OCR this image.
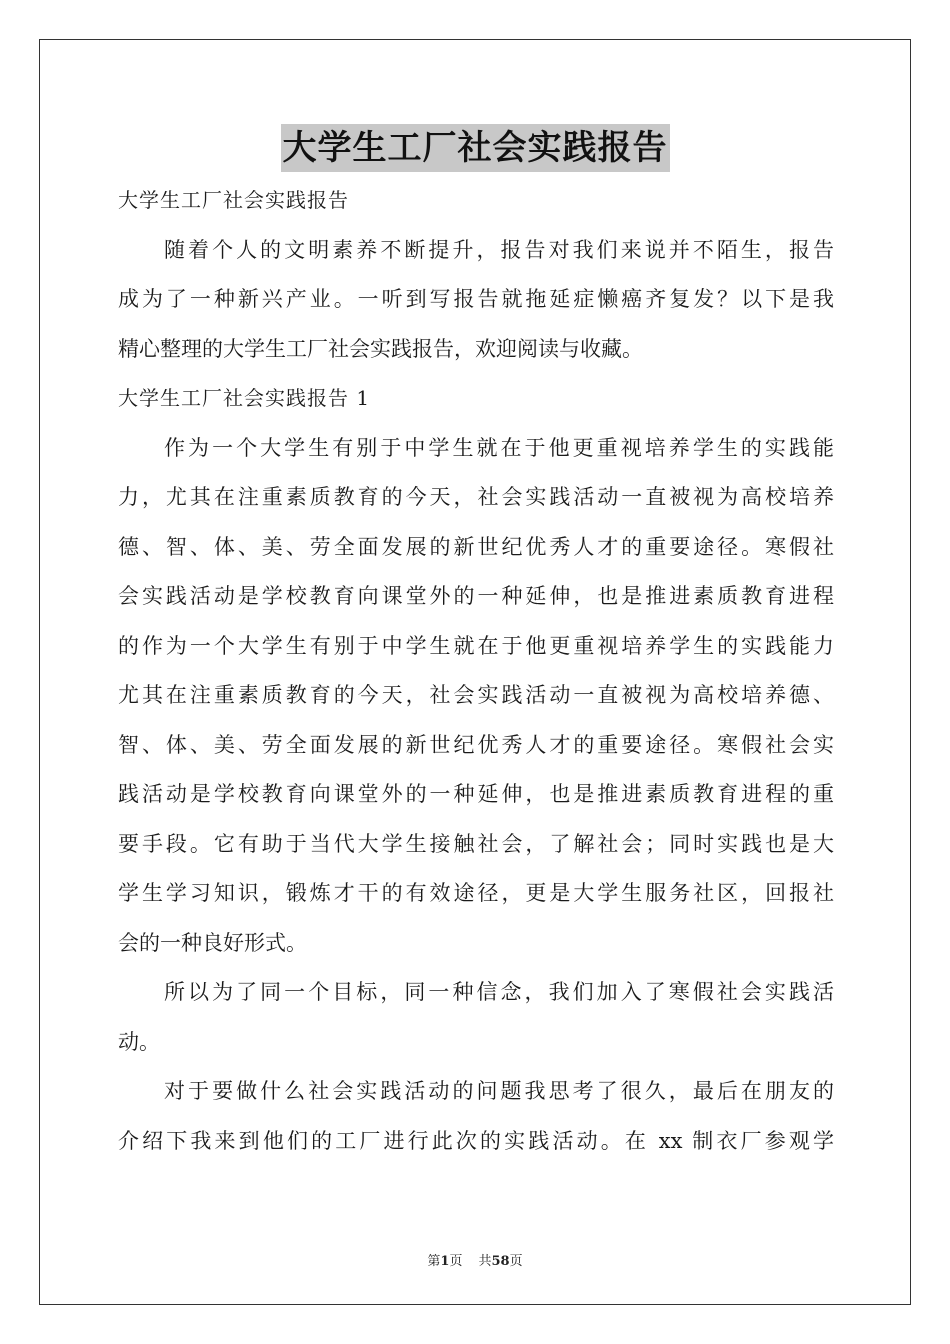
大学生工厂社会实践报告
大学生工厂社会实践报告
随着个人的文明素养不断提升，报告对我们来说并不陌生，报告
成为了一种新兴产业。一听到写报告就拖延症懒癌齐复发？以下是我
精心整理的大学生工厂社会实践报告，欢迎阅读与收藏。
大学生工厂社会实践报告 1
作为一个大学生有别于中学生就在于他更重视培养学生的实践能
力，尤其在注重素质教育的今天，社会实践活动一直被视为高校培养
德、智、体、美、劳全面发展的新世纪优秀人才的重要途径。寒假社
会实践活动是学校教育向课堂外的一种延伸，也是推进素质教育进程
的作为一个大学生有别于中学生就在于他更重视培养学生的实践能力
尤其在注重素质教育的今天，社会实践活动一直被视为高校培养德、
智、体、美、劳全面发展的新世纪优秀人才的重要途径。寒假社会实
践活动是学校教育向课堂外的一种延伸，也是推进素质教育进程的重
要手段。它有助于当代大学生接触社会，了解社会；同时实践也是大
学生学习知识，锻炼才干的有效途径，更是大学生服务社区，回报社
会的一种良好形式。
所以为了同一个目标，同一种信念，我们加入了寒假社会实践活
动。
对于要做什么社会实践活动的问题我思考了很久，最后在朋友的
介绍下我来到他们的工厂进行此次的实践活动。在 xx 制衣厂参观学
第1页 共58页
